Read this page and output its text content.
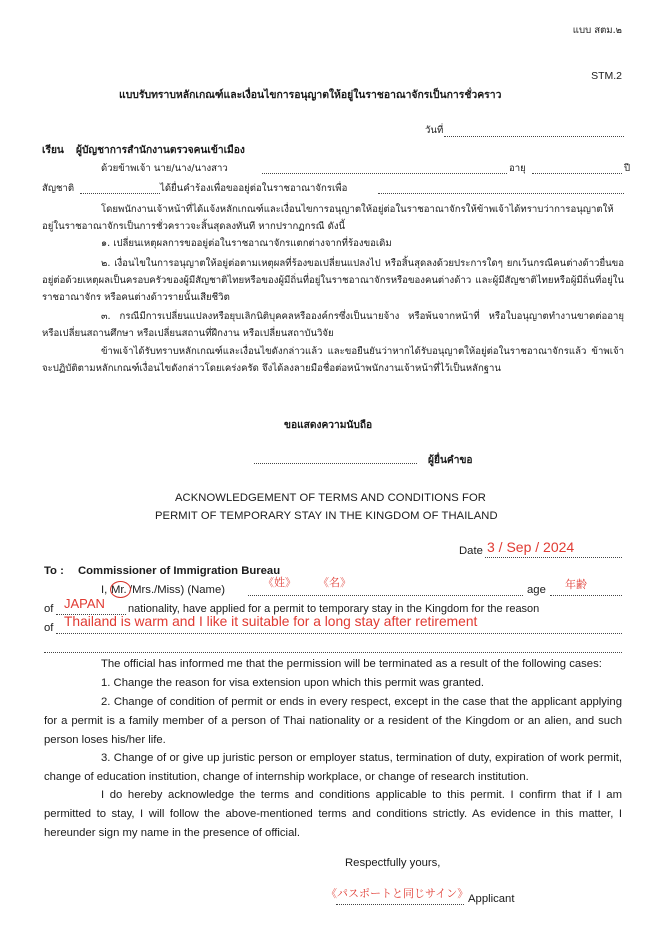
แบบ สตม.๒
STM.2
แบบรับทราบหลักเกณฑ์และเงื่อนไขการอนุญาตให้อยู่ในราชอาณาจักรเป็นการชั่วคราว
วันที่
เรียน ผู้บัญชาการสำนักงานตรวจคนเข้าเมือง
ด้วยข้าพเจ้า นาย/นาง/นางสาว	อายุ	ปี
สัญชาติ	ได้ยื่นคำร้องเพื่อขออยู่ต่อในราชอาณาจักรเพื่อ
โดยพนักงานเจ้าหน้าที่ได้แจ้งหลักเกณฑ์และเงื่อนไขการอนุญาตให้อยู่ต่อในราชอาณาจักรให้ข้าพเจ้าได้ทราบว่าการอนุญาตให้อยู่ในราชอาณาจักรเป็นการชั่วคราวจะสิ้นสุดลงทันที หากปรากฏกรณี ดังนี้
๑. เปลี่ยนเหตุผลการขออยู่ต่อในราชอาณาจักรแตกต่างจากที่ร้องขอเดิม
๒. เงื่อนไขในการอนุญาตให้อยู่ต่อตามเหตุผลที่ร้องขอเปลี่ยนแปลงไป หรือสิ้นสุดลงด้วยประการใดๆ ยกเว้นกรณีคนต่างด้าวยื่นขออยู่ต่อด้วยเหตุผลเป็นครอบครัวของผู้มีสัญชาติไทยหรือของผู้มีถิ่นที่อยู่ในราชอาณาจักรหรือของคนต่างด้าว และผู้มีสัญชาติไทยหรือผู้มีถิ่นที่อยู่ในราชอาณาจักร หรือคนต่างด้าวรายนั้นเสียชีวิต
๓. กรณีมีการเปลี่ยนแปลงหรือยุบเลิกนิติบุคคลหรือองค์กรซึ่งเป็นนายจ้าง หรือพ้นจากหน้าที่ หรือใบอนุญาตทำงานขาดต่ออายุ หรือเปลี่ยนสถานศึกษา หรือเปลี่ยนสถานที่ฝึกงาน หรือเปลี่ยนสถาบันวิจัย
ข้าพเจ้าได้รับทราบหลักเกณฑ์และเงื่อนไขดังกล่าวแล้ว และขอยืนยันว่าหากได้รับอนุญาตให้อยู่ต่อในราชอาณาจักรแล้ว ข้าพเจ้าจะปฏิบัติตามหลักเกณฑ์เงื่อนไขดังกล่าวโดยเคร่งครัด จึงได้ลงลายมือชื่อต่อหน้าพนักงานเจ้าหน้าที่ไว้เป็นหลักฐาน
ขอแสดงความนับถือ
ผู้ยื่นคำขอ
ACKNOWLEDGEMENT OF TERMS AND CONDITIONS FOR
PERMIT OF TEMPORARY STAY IN THE KINGDOM OF THAILAND
Date 3 / Sep / 2024
To : Commissioner of Immigration Bureau
I, Mr. /Mrs./Miss) (Name)
《姓》 《名》
age 年齢
of JAPAN nationality, have applied for a permit to temporary stay in the Kingdom for the reason
of Thailand is warm and I like it suitable for a long stay after retirement
The official has informed me that the permission will be terminated as a result of the following cases:
1. Change the reason for visa extension upon which this permit was granted.
2. Change of condition of permit or ends in every respect, except in the case that the applicant applying for a permit is a family member of a person of Thai nationality or a resident of the Kingdom or an alien, and such person loses his/her life.
3. Change of or give up juristic person or employer status, termination of duty, expiration of work permit, change of education institution, change of internship workplace, or change of research institution.
I do hereby acknowledge the terms and conditions applicable to this permit. I confirm that if I am permitted to stay, I will follow the above-mentioned terms and conditions strictly. As evidence in this matter, I hereunder sign my name in the presence of official.
Respectfully yours,
《パスポートと同じサイン》 Applicant
